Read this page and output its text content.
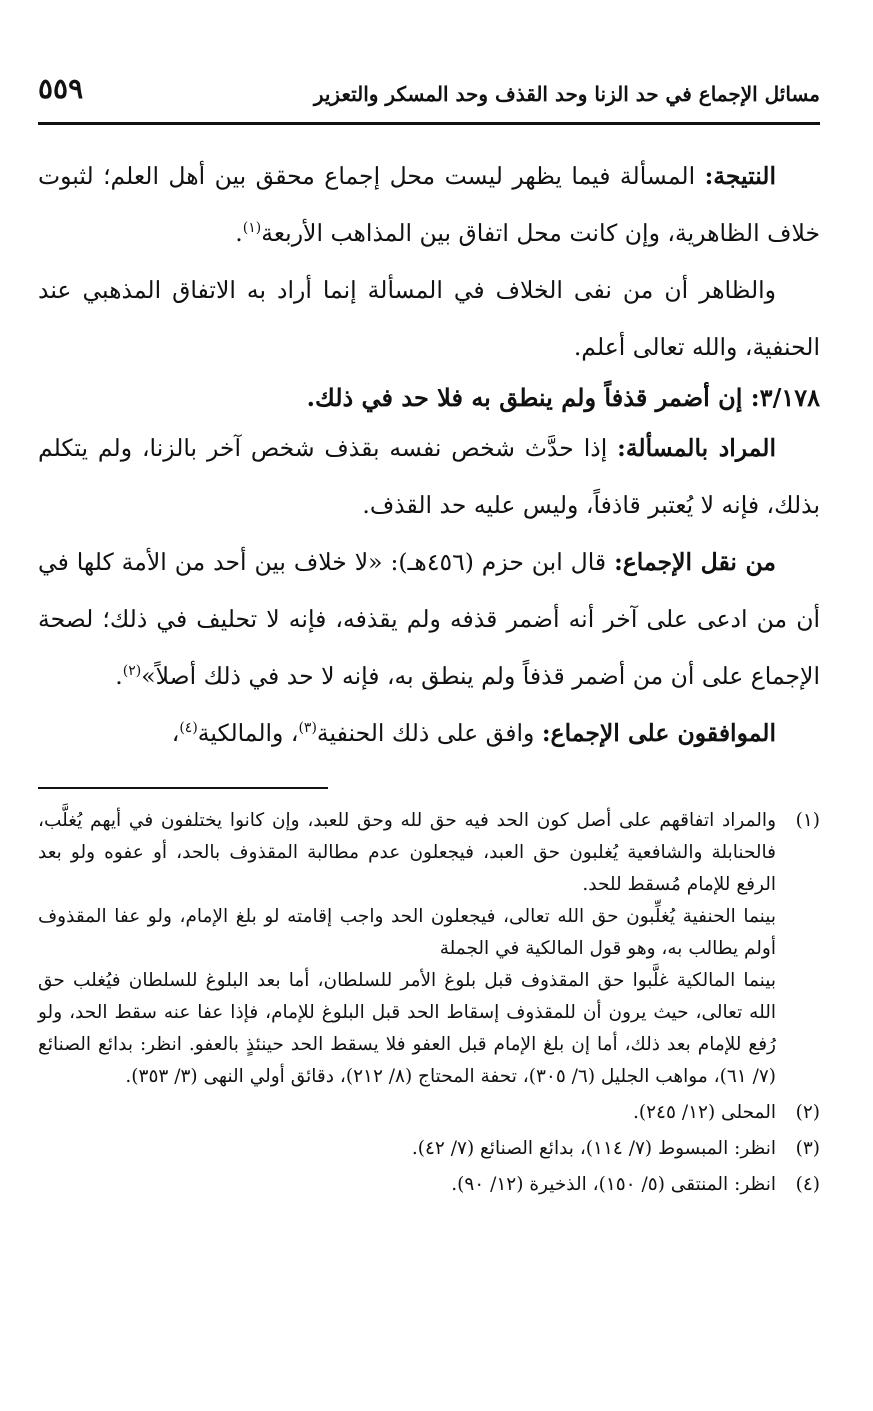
مسائل الإجماع في حد الزنا وحد القذف وحد المسكر والتعزير
٥٥٩

النتيجة: المسألة فيما يظهر ليست محل إجماع محقق بين أهل العلم؛ لثبوت خلاف الظاهرية، وإن كانت محل اتفاق بين المذاهب الأربعة$^{(١)}$.

والظاهر أن من نفى الخلاف في المسألة إنما أراد به الاتفاق المذهبي عند الحنفية، والله تعالى أعلم.

٣/١٧٨: إن أضمر قذفاً ولم ينطق به فلا حد في ذلك.

المراد بالمسألة: إذا حدَّث شخص نفسه بقذف شخص آخر بالزنا، ولم يتكلم بذلك، فإنه لا يُعتبر قاذفاً، وليس عليه حد القذف.

من نقل الإجماع: قال ابن حزم (٤٥٦هـ): «لا خلاف بين أحد من الأمة كلها في أن من ادعى على آخر أنه أضمر قذفه ولم يقذفه، فإنه لا تحليف في ذلك؛ لصحة الإجماع على أن من أضمر قذفاً ولم ينطق به، فإنه لا حد في ذلك أصلاً»$^{(٢)}$.

الموافقون على الإجماع: وافق على ذلك الحنفية$^{(٣)}$، والمالكية$^{(٤)}$،

(١)

والمراد اتفاقهم على أصل كون الحد فيه حق لله وحق للعبد، وإن كانوا يختلفون في أيهم يُغلَّب، فالحنابلة والشافعية يُغلبون حق العبد، فيجعلون عدم مطالبة المقذوف بالحد، أو عفوه ولو بعد الرفع للإمام مُسقط للحد.

بينما الحنفية يُغلِّبون حق الله تعالى، فيجعلون الحد واجب إقامته لو بلغ الإمام، ولو عفا المقذوف أولم يطالب به، وهو قول المالكية في الجملة

بينما المالكية غلَّبوا حق المقذوف قبل بلوغ الأمر للسلطان، أما بعد البلوغ للسلطان فيُغلب حق الله تعالى، حيث يرون أن للمقذوف إسقاط الحد قبل البلوغ للإمام، فإذا عفا عنه سقط الحد، ولو رُفع للإمام بعد ذلك، أما إن بلغ الإمام قبل العفو فلا يسقط الحد حينئذٍ بالعفو. انظر: بدائع الصنائع (٧/ ٦١)، مواهب الجليل (٦/ ٣٠٥)، تحفة المحتاج (٨/ ٢١٢)، دقائق أولي النهى (٣/ ٣٥٣).

(٢)

المحلى (١٢/ ٢٤٥).

(٣)

انظر: المبسوط (٧/ ١١٤)، بدائع الصنائع (٧/ ٤٢).

(٤)

انظر: المنتقى (٥/ ١٥٠)، الذخيرة (١٢/ ٩٠).
